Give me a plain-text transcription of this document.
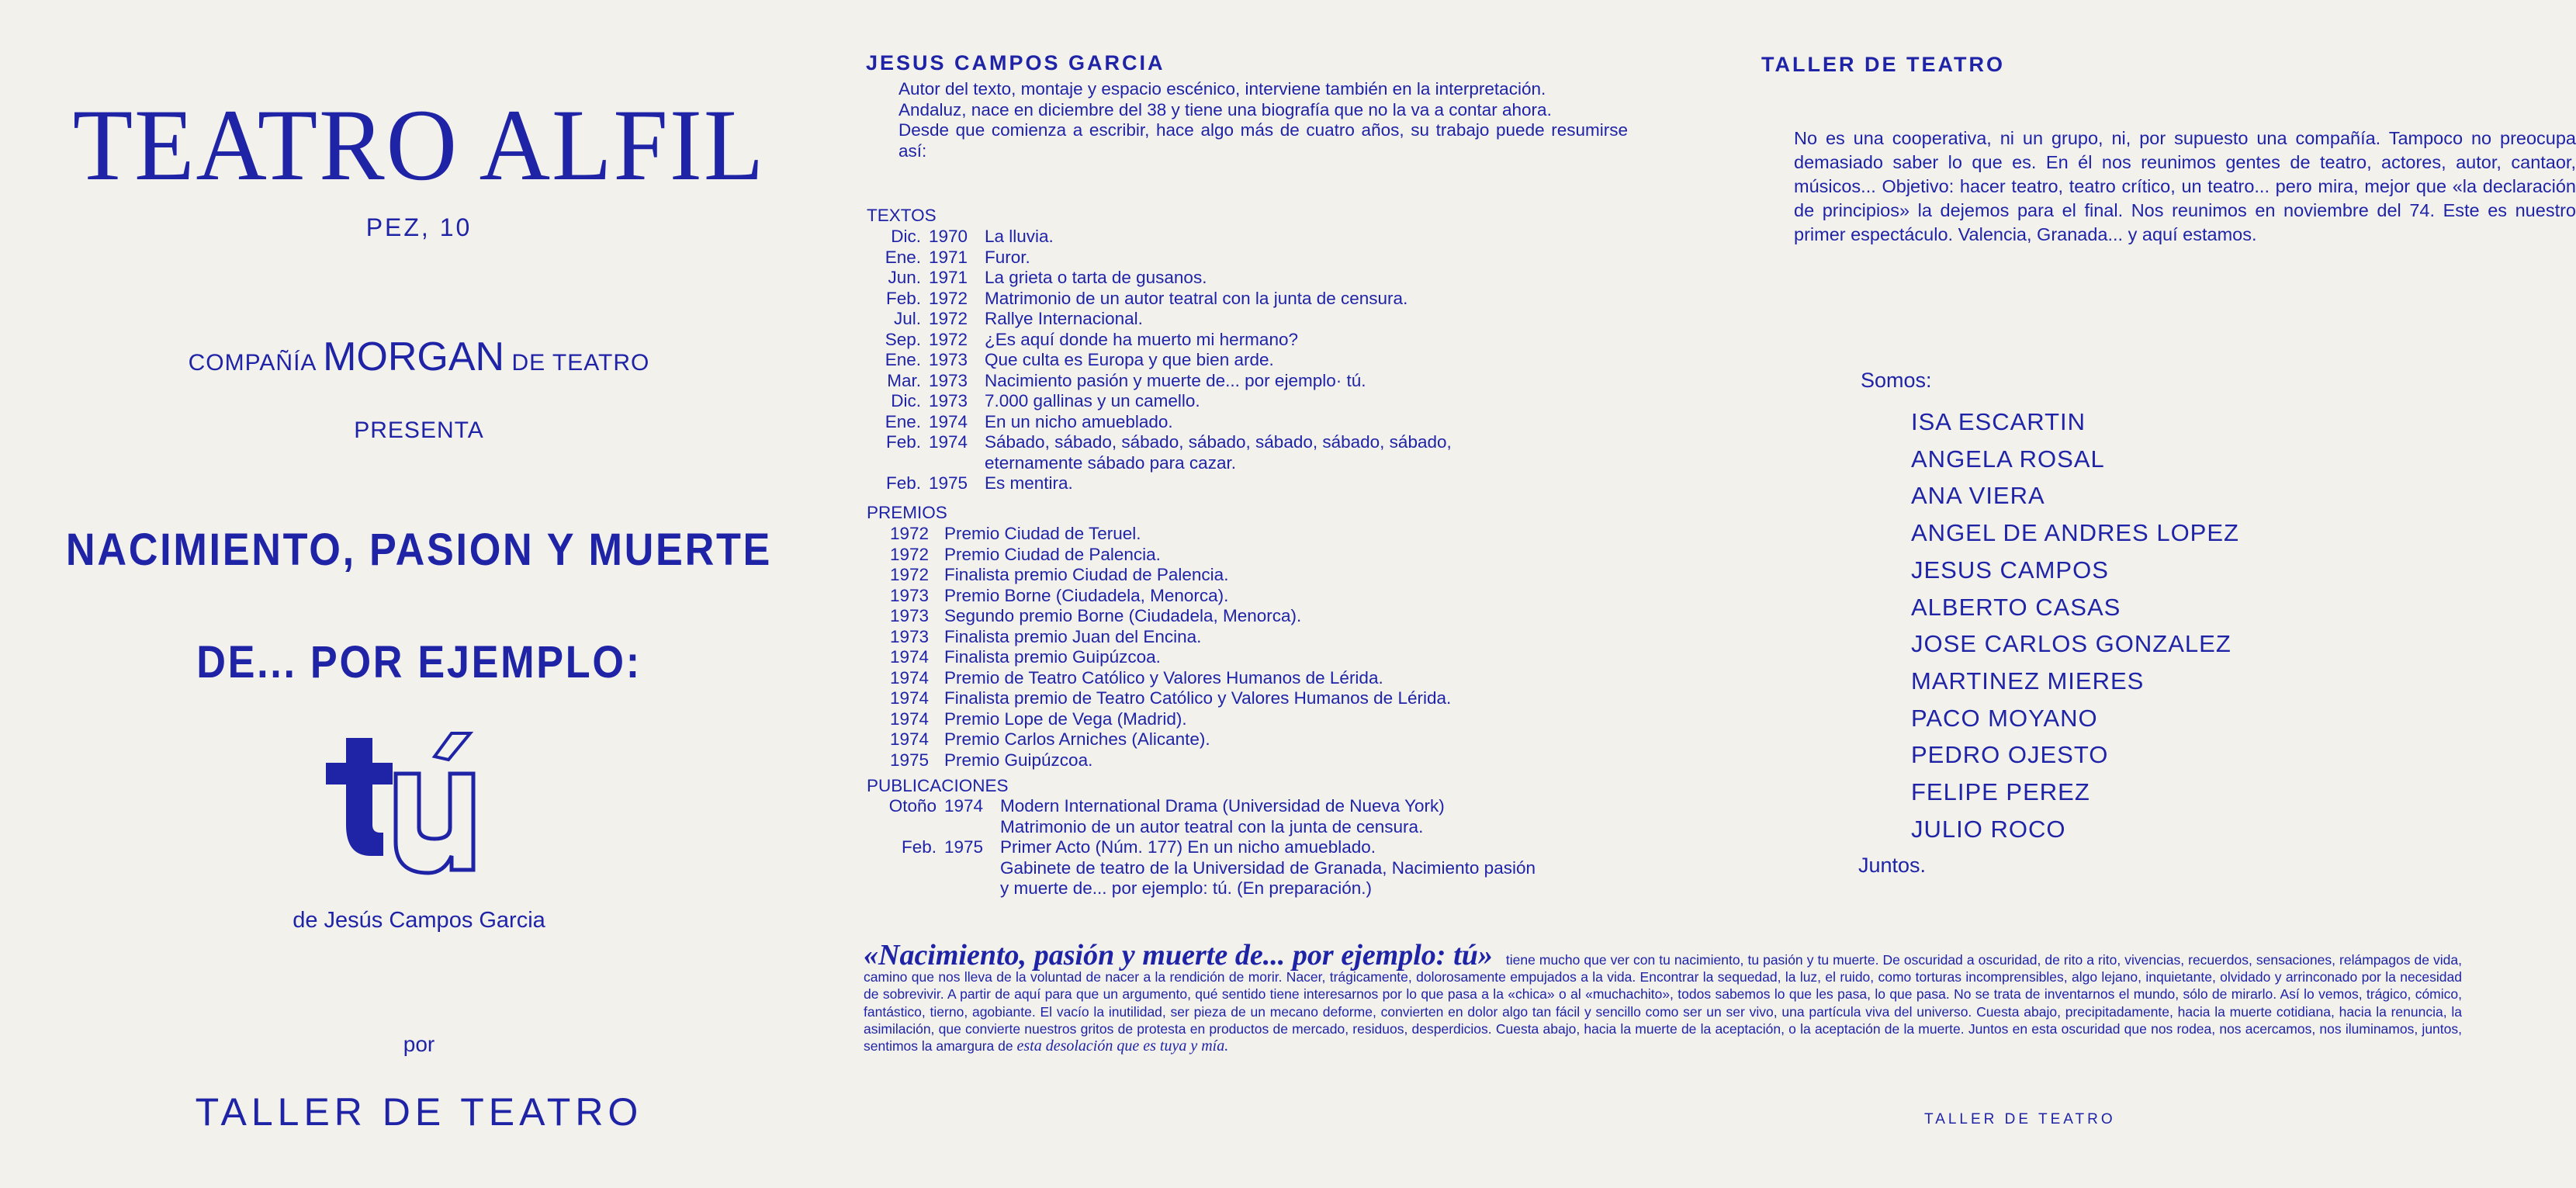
TEATRO ALFIL
PEZ, 10
COMPAÑÍA MORGAN DE TEATRO
PRESENTA
NACIMIENTO, PASION Y MUERTE
DE... POR EJEMPLO:
de Jesús Campos Garcia
por
TALLER DE TEATRO
JESUS CAMPOS GARCIA
Autor del texto, montaje y espacio escénico, interviene también en la interpretación.
Andaluz, nace en diciembre del 38 y tiene una biografía que no la va a contar ahora.
Desde que comienza a escribir, hace algo más de cuatro años, su trabajo puede resumirse así:
TEXTOS
Dic. 1970 La lluvia.
Ene. 1971 Furor.
Jun. 1971 La grieta o tarta de gusanos.
Feb. 1972 Matrimonio de un autor teatral con la junta de censura.
Jul. 1972 Rallye Internacional.
Sep. 1972 ¿Es aquí donde ha muerto mi hermano?
Ene. 1973 Que culta es Europa y que bien arde.
Mar. 1973 Nacimiento pasión y muerte de... por ejemplo· tú.
Dic. 1973 7.000 gallinas y un camello.
Ene. 1974 En un nicho amueblado.
Feb. 1974 Sábado, sábado, sábado, sábado, sábado, sábado, sábado, eternamente sábado para cazar.
Feb. 1975 Es mentira.
PREMIOS
1972 Premio Ciudad de Teruel.
1972 Premio Ciudad de Palencia.
1972 Finalista premio Ciudad de Palencia.
1973 Premio Borne (Ciudadela, Menorca).
1973 Segundo premio Borne (Ciudadela, Menorca).
1973 Finalista premio Juan del Encina.
1974 Finalista premio Guipúzcoa.
1974 Premio de Teatro Católico y Valores Humanos de Lérida.
1974 Finalista premio de Teatro Católico y Valores Humanos de Lérida.
1974 Premio Lope de Vega (Madrid).
1974 Premio Carlos Arniches (Alicante).
1975 Premio Guipúzcoa.
PUBLICACIONES
Otoño 1974 Modern International Drama (Universidad de Nueva York)
Matrimonio de un autor teatral con la junta de censura.
Feb. 1975 Primer Acto (Núm. 177) En un nicho amueblado.
Gabinete de teatro de la Universidad de Granada, Nacimiento pasión y muerte de... por ejemplo: tú. (En preparación.)
TALLER DE TEATRO
No es una cooperativa, ni un grupo, ni, por supuesto una compañía. Tampoco no preocupa demasiado saber lo que es. En él nos reunimos gentes de teatro, actores, autor, cantaor, músicos... Objetivo: hacer teatro, teatro crítico, un teatro... pero mira, mejor que «la declaración de principios» la dejemos para el final. Nos reunimos en noviembre del 74. Este es nuestro primer espectáculo. Valencia, Granada... y aquí estamos.
Somos:
ISA ESCARTIN
ANGELA ROSAL
ANA VIERA
ANGEL DE ANDRES LOPEZ
JESUS CAMPOS
ALBERTO CASAS
JOSE CARLOS GONZALEZ
MARTINEZ MIERES
PACO MOYANO
PEDRO OJESTO
FELIPE PEREZ
JULIO ROCO
Juntos.
«Nacimiento, pasión y muerte de... por ejemplo: tú» tiene mucho que ver con tu nacimiento, tu pasión y tu muerte. De oscuridad a oscuridad, de rito a rito, vivencias, recuerdos, sensaciones, relámpagos de vida, camino que nos lleva de la voluntad de nacer a la rendición de morir. Nacer, trágicamente, dolorosamente empujados a la vida. Encontrar la sequedad, la luz, el ruido, como torturas incomprensibles, algo lejano, inquietante, olvidado y arrinconado por la necesidad de sobrevivir. A partir de aquí para que un argumento, qué sentido tiene interesarnos por lo que pasa a la «chica» o al «muchachito», todos sabemos lo que les pasa, lo que pasa. No se trata de inventarnos el mundo, sólo de mirarlo. Así lo vemos, trágico, cómico, fantástico, tierno, agobiante. El vacío la inutilidad, ser pieza de un mecano deforme, convierten en dolor algo tan fácil y sencillo como ser un ser vivo, una partícula viva del universo. Cuesta abajo, precipitadamente, hacia la muerte cotidiana, hacia la renuncia, la asimilación, que convierte nuestros gritos de protesta en productos de mercado, residuos, desperdicios. Cuesta abajo, hacia la muerte de la aceptación, o la aceptación de la muerte. Juntos en esta oscuridad que nos rodea, nos acercamos, nos iluminamos, juntos, sentimos la amargura de esta desolación que es tuya y mía.
TALLER DE TEATRO
